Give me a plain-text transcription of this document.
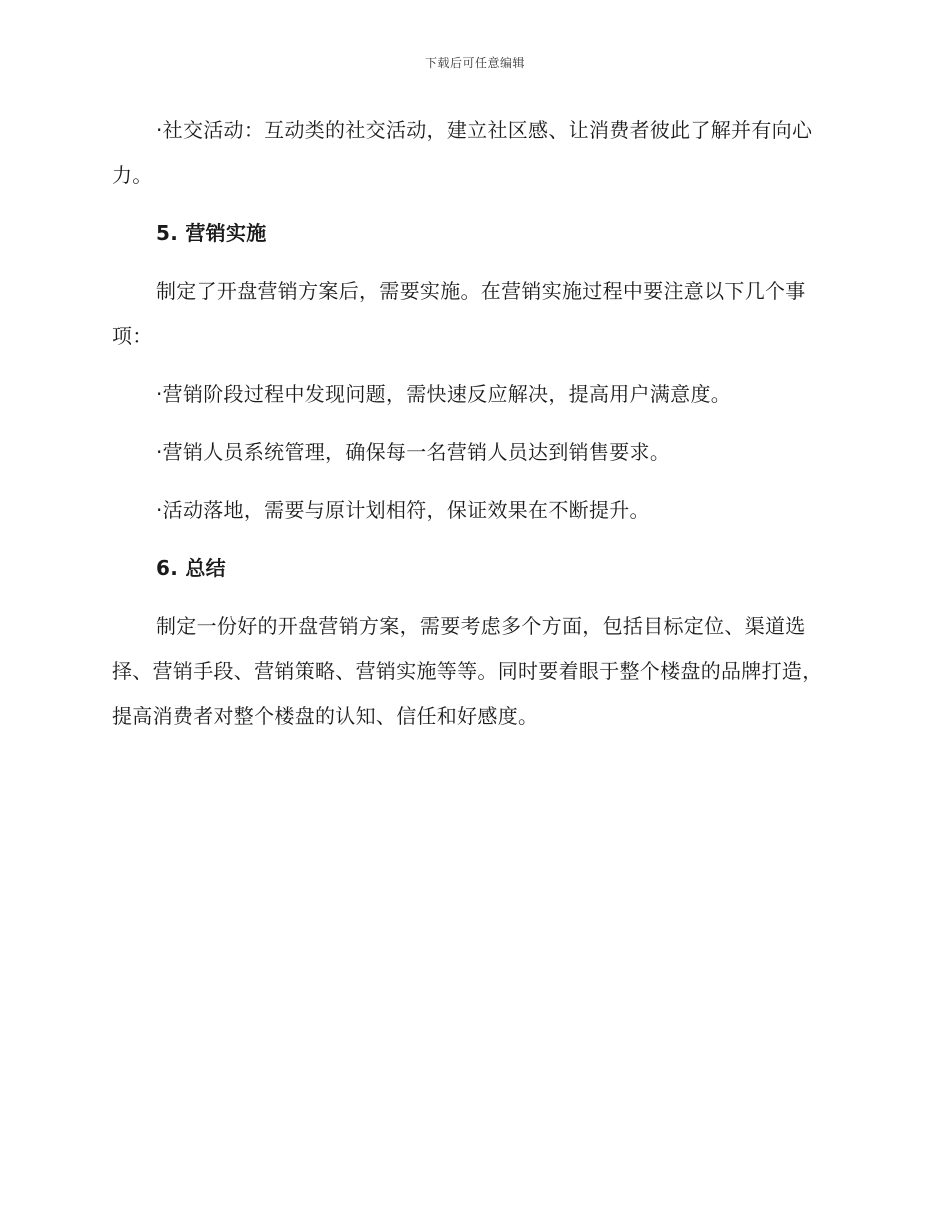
下载后可任意编辑

·社交活动：互动类的社交活动，建立社区感、让消费者彼此了解并有向心力。

5. 营销实施

制定了开盘营销方案后，需要实施。在营销实施过程中要注意以下几个事项：

·营销阶段过程中发现问题，需快速反应解决，提高用户满意度。

·营销人员系统管理，确保每一名营销人员达到销售要求。

·活动落地，需要与原计划相符，保证效果在不断提升。

6. 总结

制定一份好的开盘营销方案，需要考虑多个方面，包括目标定位、渠道选择、营销手段、营销策略、营销实施等等。同时要着眼于整个楼盘的品牌打造，提高消费者对整个楼盘的认知、信任和好感度。
